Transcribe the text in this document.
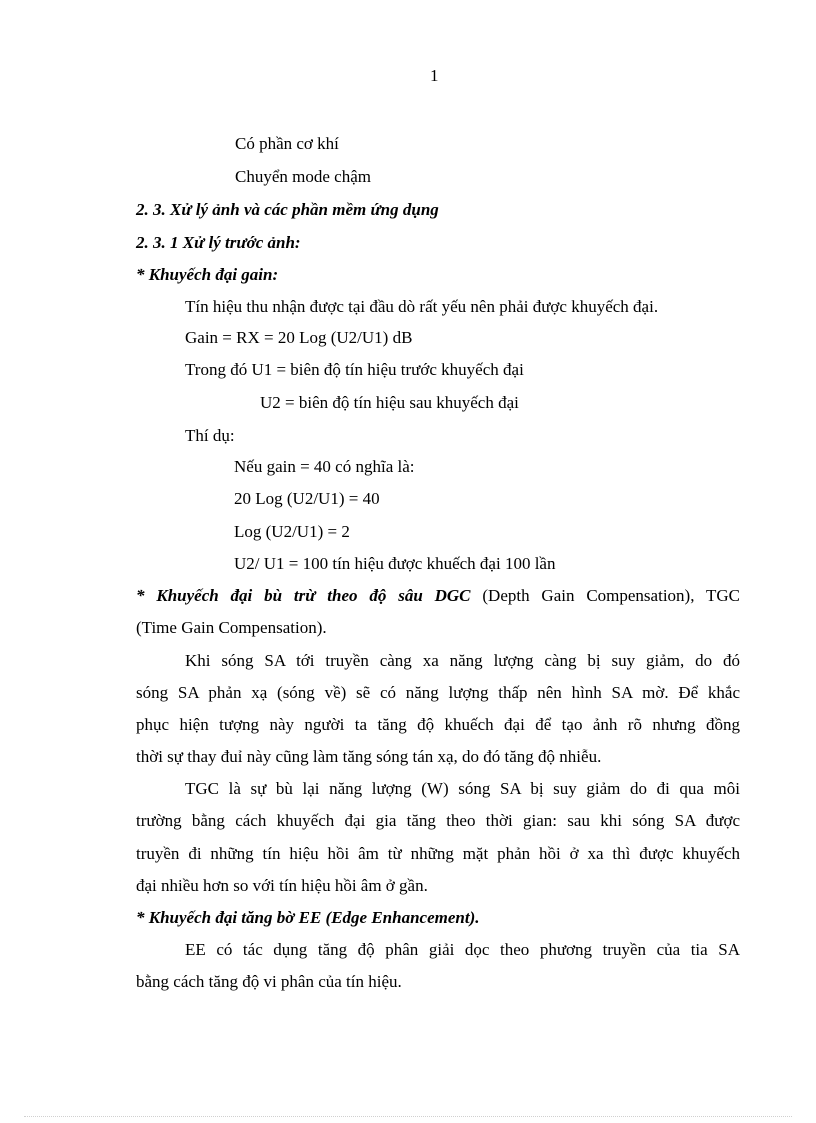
1
Có phần cơ khí
Chuyển mode chậm
2. 3. Xử lý ảnh và các phần mềm ứng dụng
2. 3. 1 Xử lý trước ảnh:
* Khuyếch đại gain:
Tín hiệu thu nhận được tại đầu dò rất yếu nên phải được khuyếch đại.
Gain = RX = 20 Log (U2/U1) dB
Trong đó U1 = biên độ tín hiệu trước khuyếch đại
U2 = biên độ tín hiệu sau khuyếch đại
Thí dụ:
Nếu gain = 40 có nghĩa là:
20 Log (U2/U1) = 40
Log (U2/U1) = 2
U2/ U1 = 100 tín hiệu được khuếch đại 100 lần
* Khuyếch đại bù trừ theo độ sâu DGC (Depth Gain Compensation), TGC
(Time Gain Compensation).
Khi sóng SA tới truyền càng xa năng lượng càng bị suy giảm, do đó
sóng SA phản xạ (sóng về) sẽ có năng lượng thấp nên hình SA mờ. Để khắc
phục hiện tượng này người ta tăng độ khuếch đại để tạo ảnh rõ nhưng đồng
thời sự thay đuỉ này cũng làm tăng sóng tán xạ, do đó tăng độ nhiễu.
TGC là sự bù lại năng lượng (W) sóng SA bị suy giảm do đi qua môi
trường bằng cách khuyếch đại gia tăng theo thời gian: sau khi sóng SA được
truyền đi những tín hiệu hồi âm từ những mặt phản hồi ở xa thì được khuyếch
đại nhiều hơn so với tín hiệu hồi âm ở gần.
* Khuyếch đại tăng bờ EE (Edge Enhancement).
EE có tác dụng tăng độ phân giải dọc theo phương truyền của tia SA
bằng cách tăng độ vi phân của tín hiệu.
